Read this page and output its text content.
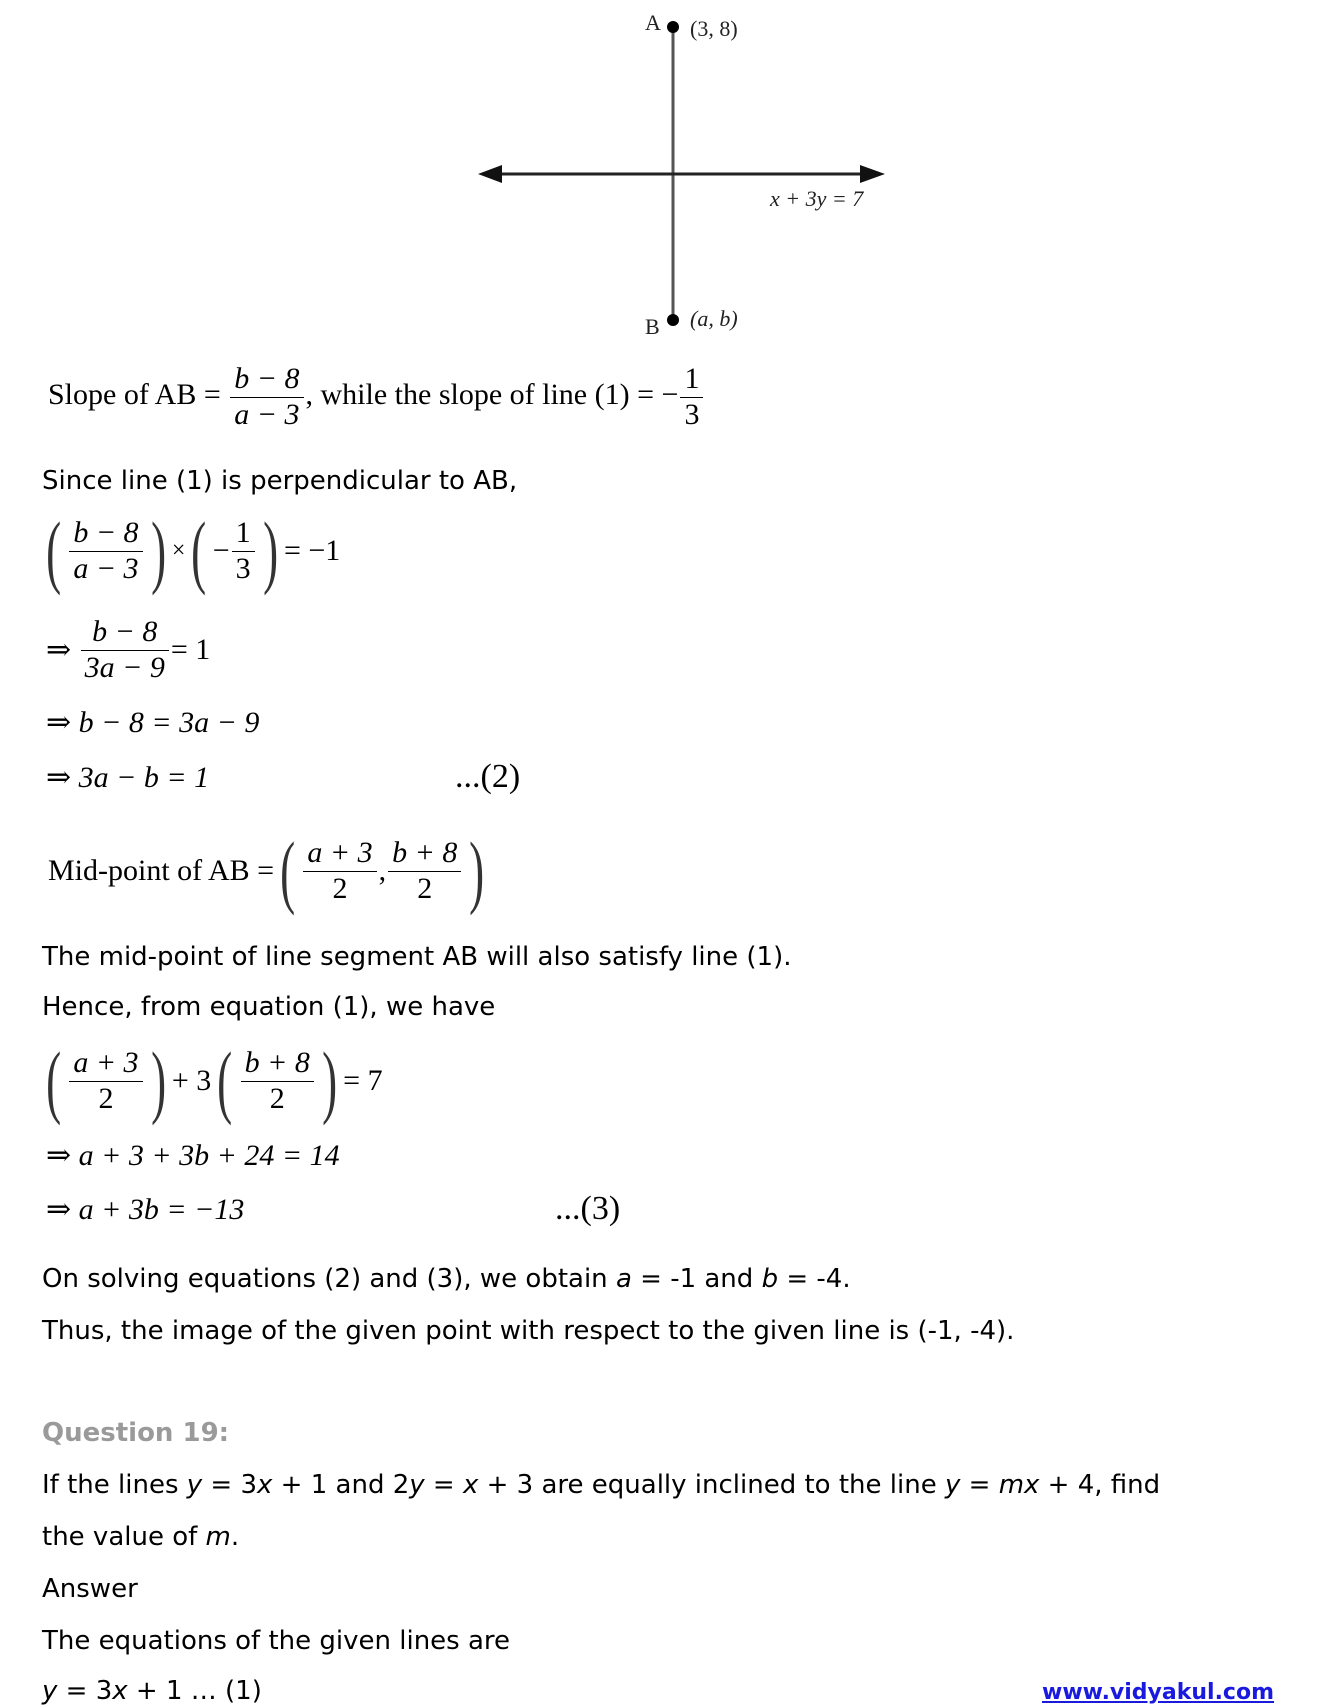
A (3, 8)
B (a, b)
x + 3y = 7
Slope of AB = $\frac{b - 8}{a - 3}$ , while the slope of line (1) = − $\frac{1}{3}$
Since line (1) is perpendicular to AB,
( $\frac{b - 8}{a - 3}$ ) ×( − $\frac{1}{3}$ ) = −1
⇒ $\frac{b - 8}{3a - 9} = 1$
⇒ b − 8 = 3a − 9
⇒ 3a − b = 1	...(2)
Mid-point of AB =( $\frac{a + 3}{2}$ , $\frac{b + 8}{2}$ )
The mid-point of line segment AB will also satisfy line (1).
Hence, from equation (1), we have
( $\frac{a + 3}{2}$ ) + $3( \frac{b + 8}{2}$ ) = 7
⇒ a + 3 + 3b + 24 = 14
⇒ a + 3b = −13	...(3)
On solving equations (2) and (3), we obtain a = -1 and b = -4.
Thus, the image of the given point with respect to the given line is (-1, -4).
Question 19:
If the lines y = 3x + 1 and 2y = x + 3 are equally inclined to the line y = mx + 4, find
the value of m.
Answer
The equations of the given lines are
y = 3x + 1 … (1)	www.vidyakul.com
